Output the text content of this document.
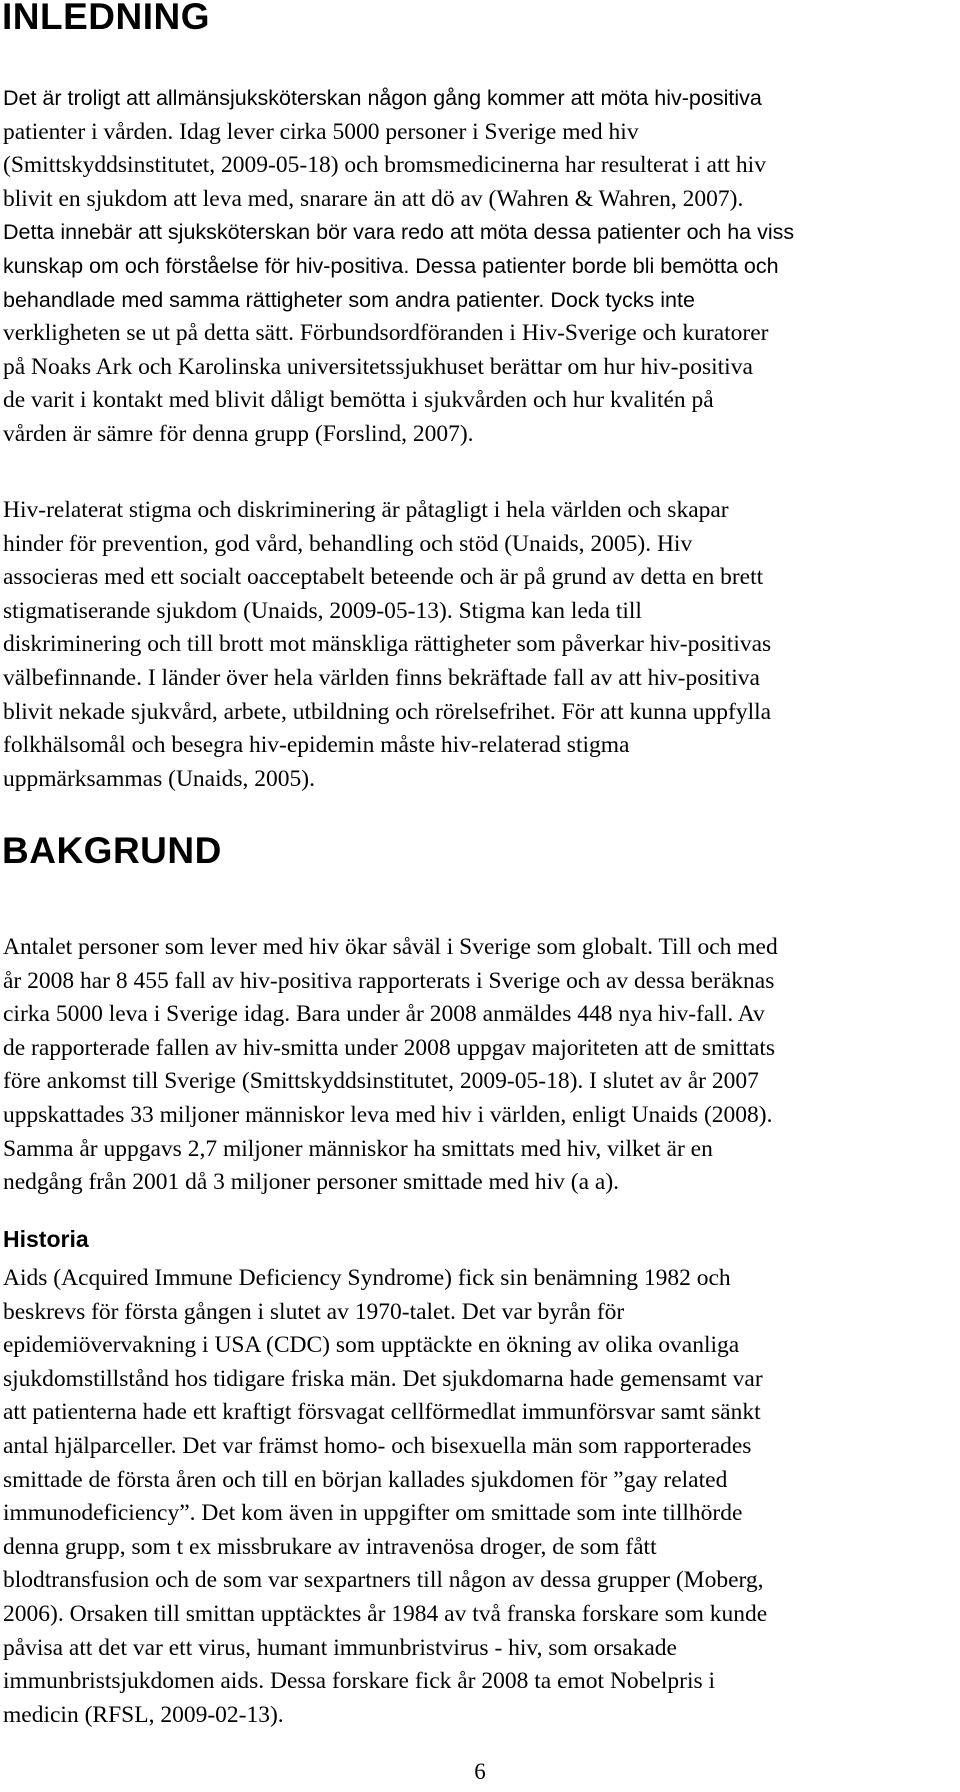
INLEDNING
Det är troligt att allmänsjuksköterskan någon gång kommer att möta hiv-positiva
patienter i vården. Idag lever cirka 5000 personer i Sverige med hiv
(Smittskyddsinstitutet, 2009-05-18) och bromsmedicinerna har resulterat i att hiv
blivit en sjukdom att leva med, snarare än att dö av (Wahren & Wahren, 2007).
Detta innebär att sjuksköterskan bör vara redo att möta dessa patienter och ha viss
kunskap om och förståelse för hiv-positiva. Dessa patienter borde bli bemötta och
behandlade med samma rättigheter som andra patienter. Dock tycks inte
verkligheten se ut på detta sätt. Förbundsordföranden i Hiv-Sverige och kuratorer
på Noaks Ark och Karolinska universitetssjukhuset berättar om hur hiv-positiva
de varit i kontakt med blivit dåligt bemötta i sjukvården och hur kvalitén på
vården är sämre för denna grupp (Forslind, 2007).
Hiv-relaterat stigma och diskriminering är påtagligt i hela världen och skapar
hinder för prevention, god vård, behandling och stöd (Unaids, 2005). Hiv
associeras med ett socialt oacceptabelt beteende och är på grund av detta en brett
stigmatiserande sjukdom (Unaids, 2009-05-13). Stigma kan leda till
diskriminering och till brott mot mänskliga rättigheter som påverkar hiv-positivas
välbefinnande. I länder över hela världen finns bekräftade fall av att hiv-positiva
blivit nekade sjukvård, arbete, utbildning och rörelsefrihet. För att kunna uppfylla
folkhälsomål och besegra hiv-epidemin måste hiv-relaterad stigma
uppmärksammas (Unaids, 2005).
BAKGRUND
Antalet personer som lever med hiv ökar såväl i Sverige som globalt. Till och med
år 2008 har 8 455 fall av hiv-positiva rapporterats i Sverige och av dessa beräknas
cirka 5000 leva i Sverige idag. Bara under år 2008 anmäldes 448 nya hiv-fall. Av
de rapporterade fallen av hiv-smitta under 2008 uppgav majoriteten att de smittats
före ankomst till Sverige (Smittskyddsinstitutet, 2009-05-18). I slutet av år 2007
uppskattades 33 miljoner människor leva med hiv i världen, enligt Unaids (2008).
Samma år uppgavs 2,7 miljoner människor ha smittats med hiv, vilket är en
nedgång från 2001 då 3 miljoner personer smittade med hiv (a a).
Historia
Aids (Acquired Immune Deficiency Syndrome) fick sin benämning 1982 och
beskrevs för första gången i slutet av 1970-talet. Det var byrån för
epidemiövervakning i USA (CDC) som upptäckte en ökning av olika ovanliga
sjukdomstillstånd hos tidigare friska män. Det sjukdomarna hade gemensamt var
att patienterna hade ett kraftigt försvagat cellförmedlat immunförsvar samt sänkt
antal hjälparceller. Det var främst homo- och bisexuella män som rapporterades
smittade de första åren och till en början kallades sjukdomen för ”gay related
immunodeficiency”. Det kom även in uppgifter om smittade som inte tillhörde
denna grupp, som t ex missbrukare av intravenösa droger, de som fått
blodtransfusion och de som var sexpartners till någon av dessa grupper (Moberg,
2006). Orsaken till smittan upptäcktes år 1984 av två franska forskare som kunde
påvisa att det var ett virus, humant immunbristvirus - hiv, som orsakade
immunbristsjukdomen aids. Dessa forskare fick år 2008 ta emot Nobelpris i
medicin (RFSL, 2009-02-13).
6
